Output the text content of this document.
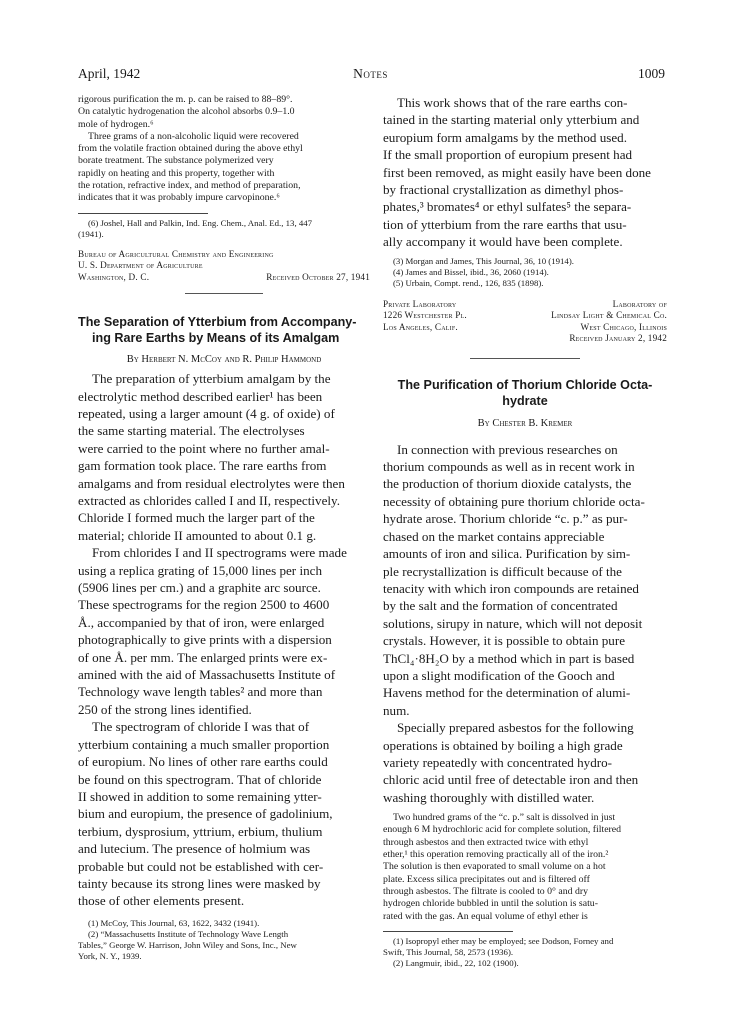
April, 1942	Notes	1009
rigorous purification the m. p. can be raised to 88–89°.
On catalytic hydrogenation the alcohol absorbs 0.9–1.0
mole of hydrogen.⁶
Three grams of a non-alcoholic liquid were recovered
from the volatile fraction obtained during the above ethyl
borate treatment. The substance polymerized very
rapidly on heating and this property, together with
the rotation, refractive index, and method of preparation,
indicates that it was probably impure carvopinone.⁶
(6) Joshel, Hall and Palkin, Ind. Eng. Chem., Anal. Ed., 13, 447
(1941).
Bureau of Agricultural Chemistry and Engineering
U. S. Department of Agriculture
Washington, D. C.	Received October 27, 1941
The Separation of Ytterbium from Accompany-
ing Rare Earths by Means of its Amalgam
By Herbert N. McCoy and R. Philip Hammond
The preparation of ytterbium amalgam by the
electrolytic method described earlier¹ has been
repeated, using a larger amount (4 g. of oxide) of
the same starting material. The electrolyses
were carried to the point where no further amal-
gam formation took place. The rare earths from
amalgams and from residual electrolytes were then
extracted as chlorides called I and II, respectively.
Chloride I formed much the larger part of the
material; chloride II amounted to about 0.1 g.
From chlorides I and II spectrograms were made
using a replica grating of 15,000 lines per inch
(5906 lines per cm.) and a graphite arc source.
These spectrograms for the region 2500 to 4600
Å., accompanied by that of iron, were enlarged
photographically to give prints with a dispersion
of one Å. per mm. The enlarged prints were ex-
amined with the aid of Massachusetts Institute of
Technology wave length tables² and more than
250 of the strong lines identified.
The spectrogram of chloride I was that of
ytterbium containing a much smaller proportion
of europium. No lines of other rare earths could
be found on this spectrogram. That of chloride
II showed in addition to some remaining ytter-
bium and europium, the presence of gadolinium,
terbium, dysprosium, yttrium, erbium, thulium
and lutecium. The presence of holmium was
probable but could not be established with cer-
tainty because its strong lines were masked by
those of other elements present.
(1) McCoy, This Journal, 63, 1622, 3432 (1941).
(2) “Massachusetts Institute of Technology Wave Length
Tables,” George W. Harrison, John Wiley and Sons, Inc., New
York, N. Y., 1939.
This work shows that of the rare earths con-
tained in the starting material only ytterbium and
europium form amalgams by the method used.
If the small proportion of europium present had
first been removed, as might easily have been done
by fractional crystallization as dimethyl phos-
phates,³ bromates⁴ or ethyl sulfates⁵ the separa-
tion of ytterbium from the rare earths that usu-
ally accompany it would have been complete.
(3) Morgan and James, This Journal, 36, 10 (1914).
(4) James and Bissel, ibid., 36, 2060 (1914).
(5) Urbain, Compt. rend., 126, 835 (1898).
Private Laboratory	Laboratory of
1226 Westchester Pl.	Lindsay Light & Chemical Co.
Los Angeles, Calif.	West Chicago, Illinois
Received January 2, 1942
The Purification of Thorium Chloride Octa-
hydrate
By Chester B. Kremer
In connection with previous researches on
thorium compounds as well as in recent work in
the production of thorium dioxide catalysts, the
necessity of obtaining pure thorium chloride octa-
hydrate arose. Thorium chloride “c. p.” as pur-
chased on the market contains appreciable
amounts of iron and silica. Purification by sim-
ple recrystallization is difficult because of the
tenacity with which iron compounds are retained
by the salt and the formation of concentrated
solutions, sirupy in nature, which will not deposit
crystals. However, it is possible to obtain pure
ThCl₄·8H₂O by a method which in part is based
upon a slight modification of the Gooch and
Havens method for the determination of alumi-
num.
Specially prepared asbestos for the following
operations is obtained by boiling a high grade
variety repeatedly with concentrated hydro-
chloric acid until free of detectable iron and then
washing thoroughly with distilled water.
Two hundred grams of the “c. p.” salt is dissolved in just
enough 6 M hydrochloric acid for complete solution, filtered
through asbestos and then extracted twice with ethyl
ether,¹ this operation removing practically all of the iron.²
The solution is then evaporated to small volume on a hot
plate. Excess silica precipitates out and is filtered off
through asbestos. The filtrate is cooled to 0° and dry
hydrogen chloride bubbled in until the solution is satu-
rated with the gas. An equal volume of ethyl ether is
(1) Isopropyl ether may be employed; see Dodson, Forney and
Swift, This Journal, 58, 2573 (1936).
(2) Langmuir, ibid., 22, 102 (1900).
